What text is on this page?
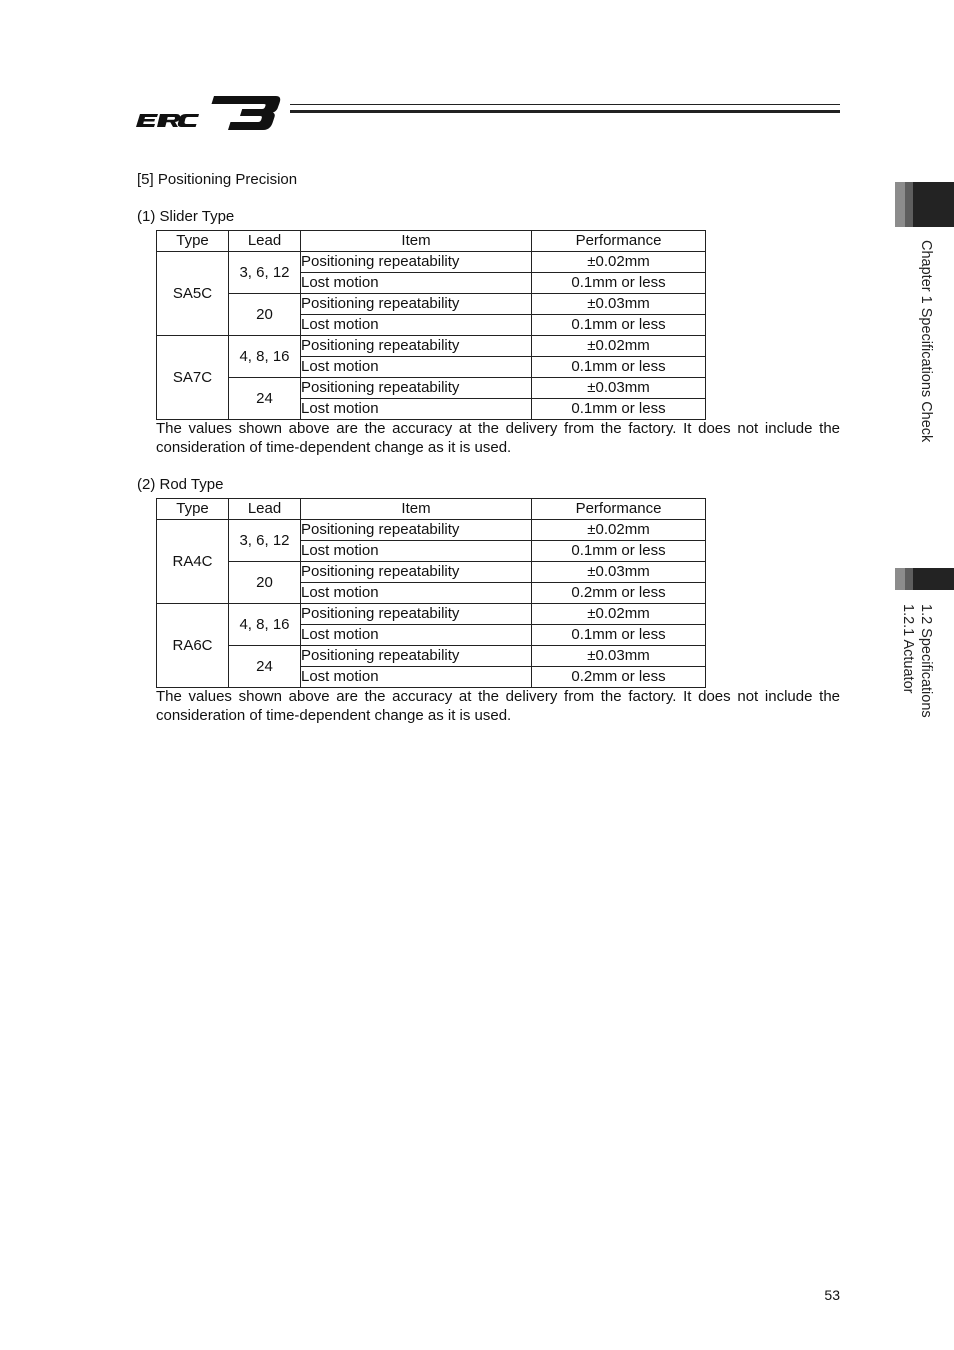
[5] Positioning Precision
(1) Slider Type
Type	Lead	Item	Performance
SA5C	3, 6, 12	Positioning repeatability	±0.02mm
		Lost motion	0.1mm or less
	20	Positioning repeatability	±0.03mm
		Lost motion	0.1mm or less
SA7C	4, 8, 16	Positioning repeatability	±0.02mm
		Lost motion	0.1mm or less
	24	Positioning repeatability	±0.03mm
		Lost motion	0.1mm or less
The values shown above are the accuracy at the delivery from the factory. It does not include the consideration of time-dependent change as it is used.
(2) Rod Type
Type	Lead	Item	Performance
RA4C	3, 6, 12	Positioning repeatability	±0.02mm
		Lost motion	0.1mm or less
	20	Positioning repeatability	±0.03mm
		Lost motion	0.2mm or less
RA6C	4, 8, 16	Positioning repeatability	±0.02mm
		Lost motion	0.1mm or less
	24	Positioning repeatability	±0.03mm
		Lost motion	0.2mm or less
The values shown above are the accuracy at the delivery from the factory. It does not include the consideration of time-dependent change as it is used.
Chapter 1 Specifications Check
1.2 Specifications
1.2.1 Actuator
53
